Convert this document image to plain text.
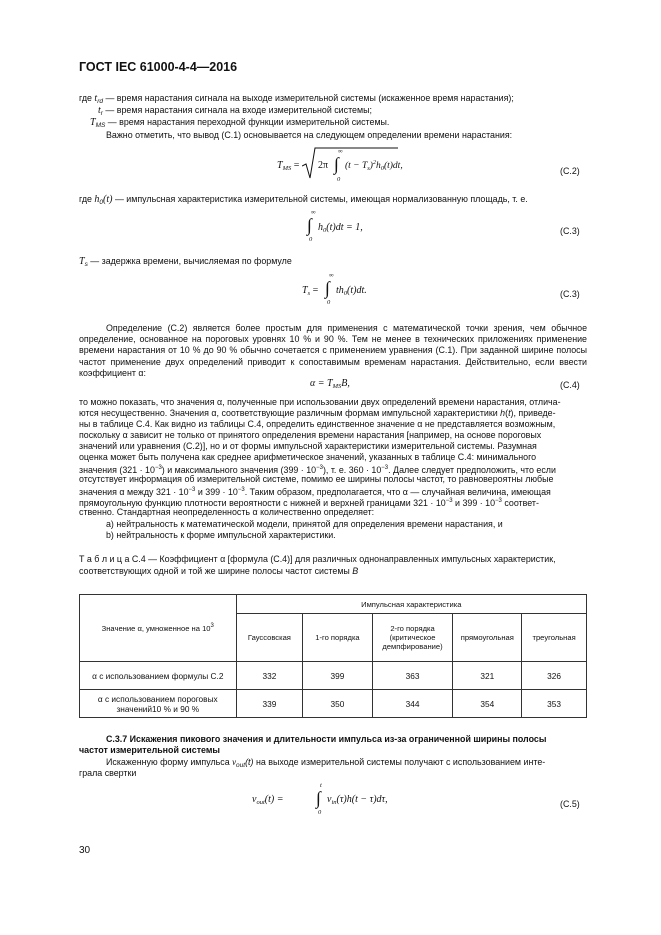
ГОСТ IEC 61000-4-4—2016
где $t_{rd}$ — время нарастания сигнала на выходе измерительной системы (искаженное время нарастания);
$t_r$ — время нарастания сигнала на входе измерительной системы;
$T_{MS}$ — время нарастания переходной функции измерительной системы.
Важно отметить, что вывод (С.1) основывается на следующем определении времени нарастания:
$T_{MS} = 2\pi$ ∫
∞
0
$(t - T_s)^2h_0(t)dt$,	(С.2)
где $h_0(t)$ — импульсная характеристика измерительной системы, имеющая нормализованную площадь, т. е.
∫
∞
0
$h_0(t)dt = 1$,	(С.3)
$T_s$ — задержка времени, вычисляемая по формуле
$T_s$ = ∫
∞
0
$th_0(t)dt$.	(С.3)
Определение (С.2) является более простым для применения с математической точки зрения, чем обычное определение, основанное на пороговых уровнях 10 % и 90 %. Тем не менее в технических приложениях применение времени нарастания от 10 % до 90 % обычно сочетается с применением уравнения (С.1). При заданной ширине полосы частот применение двух определений приводит к сопоставимым временам нарастания. Действительно, если ввести коэффициент α:
$\alpha = T_{MS}B$,	(С.4)
то можно показать, что значения α, полученные при использовании двух определений времени нарастания, отлича-
ются несущественно. Значения α, соответствующие различным формам импульсной характеристики h(t), приведе-
ны в таблице С.4. Как видно из таблицы С.4, определить единственное значение α не представляется возможным,
поскольку α зависит не только от принятого определения времени нарастания [например, на основе пороговых
значений или уравнения (С.2)], но и от формы импульсной характеристики измерительной системы. Разумная
оценка может быть получена как среднее арифметическое значений, указанных в таблице С.4: минимального
значения $(321 \cdot 10^{-3})$ и максимального значения $(399 \cdot 10^{-3})$, т. е. $360 \cdot 10^{-3}$. Далее следует предположить, что если
отсутствует информация об измерительной системе, помимо ее ширины полосы частот, то равновероятны любые
значения α между $321 \cdot 10^{-3}$ и $399 \cdot 10^{-3}$. Таким образом, предполагается, что α — случайная величина, имеющая
прямоугольную функцию плотности вероятности с нижней и верхней границами $321 \cdot 10^{-3}$ и $399 \cdot 10^{-3}$ соответ-
ственно. Стандартная неопределенность α количественно определяет:
a) нейтральность к математической модели, принятой для определения времени нарастания, и
b) нейтральность к форме импульсной характеристики.
Т а б л и ц а С.4 — Коэффициент α [формула (С.4)] для различных однонаправленных импульсных характеристик,
соответствующих одной и той же ширине полосы частот системы B
Значение α, умноженное на $10^3$	Импульсная характеристика				
	Гауссовская	1-го порядка	2-го порядка (критическое демпфирование)	прямоугольная	треугольная
α с использованием формулы С.2	332	399	363	321	326
α с использованием пороговых значений10 % и 90 %	339	350	344	354	353
С.3.7 Искажения пикового значения и длительности импульса из-за ограниченной ширины полосы
частот измерительной системы
Искаженную форму импульса $v_{out}(t)$ на выходе измерительной системы получают с использованием инте-
грала свертки
$v_{out}(t)$ = ∫
t
0
$v_{in}(\tau)h(t - \tau)d\tau$,	(С.5)
30
